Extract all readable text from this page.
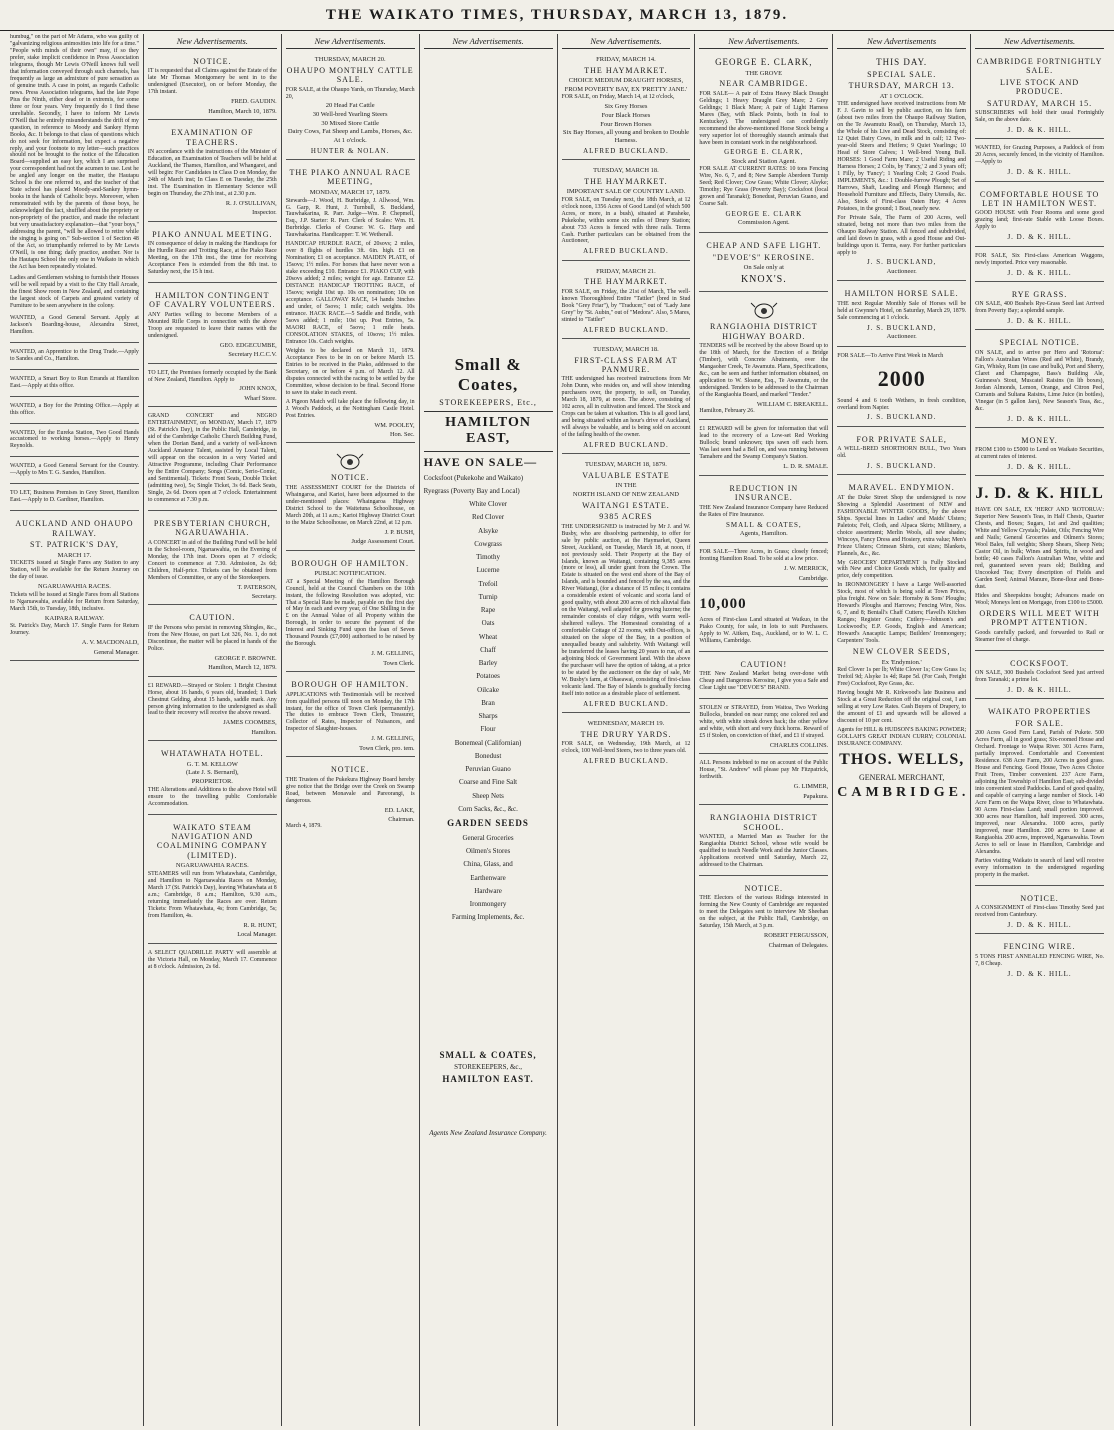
THE WAIKATO TIMES, THURSDAY, MARCH 13, 1879.

humbug," on the part of Mr Adams, who was guilty of "galvanizing religious animosities into life for a time." "People with minds of their own" may, if so they prefer, stake implicit confidence in Press Association telegrams, though Mr Lewis O'Neill knows full well that information conveyed through such channels, has frequently as large an admixture of pure sensation as of genuine truth. A case in point, as regards Catholic news. Press Association telegrams, had the late Pope Pius the Ninth, either dead or in extremis, for some three or four years. Very frequently do I find these unreliable. Secondly, I have to inform Mr Lewis O'Neill that he entirely misunderstands the drift of my question, in reference to Moody and Sankey Hymn Books, &c. It belongs to that class of questions which do not seek for information, but expect a negative reply, and your footnote to my letter—such practices should not be brought to the notice of the Education Board—supplied an easy key, which I am surprised your correspondent had not the acumen to use. Lest he be angled any longer on the matter, the Hautapu School is the one referred to, and the teacher of that State school has placed Moody-and-Sankey hymn-books in the hands of Catholic boys. Moreover, when remonstrated with by the parents of those boys, he acknowledged the fact, shuffled about the propriety or non-propriety of the practice, and made the reluctant but very unsatisfactory explanation—that "your boys," addressing the parent, "will be allowed to retire while the singing is going on." Sub-section 1 of Section 48 of the Act, so triumphantly referred to by Mr Lewis O'Neill, is one thing; daily practice, another. Nor is the Hautapu School the only one in Waikato in which the Act has been repeatedly violated.

Ladies and Gentlemen wishing to furnish their Houses will be well repaid by a visit to the City Hall Arcade, the finest Show room in New Zealand, and containing the largest stock of Carpets and greatest variety of Furniture to be seen anywhere in the colony.

WANTED, a Good General Servant. Apply at Jackson's Boarding-house, Alexandra Street, Hamilton.

WANTED, an Apprentice to the Drug Trade.—Apply to Sandes and Co., Hamilton.

WANTED, a Smart Boy to Run Errands at Hamilton East.—Apply at this office.

WANTED, a Boy for the Printing Office.—Apply at this office.

WANTED, for the Eureka Station, Two Good Hands accustomed to working horses.—Apply to Henry Reynolds.

WANTED, a Good General Servant for the Country.—Apply to Mrs T. G. Sandes, Hamilton.

TO LET, Business Premises in Grey Street, Hamilton East.—Apply to D. Gardiner, Hamilton.

AUCKLAND AND OHAUPO RAILWAY.
ST. PATRICK'S DAY,
MARCH 17.

TICKETS issued at Single Fares any Station to any Station, will be available for the Return Journey on the day of issue.

NGARUAWAHIA RACES.

Tickets will be issued at Single Fares from all Stations to Ngaruawahia, available for Return from Saturday, March 15th, to Tuesday, 18th, inclusive.

KAIPARA RAILWAY.

St. Patrick's Day, March 17. Single Fares for Return Journey.

A. V. MACDONALD,
General Manager.
New Advertisements.
NOTICE.

IT is requested that all Claims against the Estate of the late Mr Thomas Montgomery be sent in to the undersigned (Executor), on or before Monday, the 17th instant.

FRED. GAUDIN.
Hamilton, March 10, 1879.
EXAMINATION OF TEACHERS.

IN accordance with the instructions of the Minister of Education, an Examination of Teachers will be held at Auckland, the Thames, Hamilton, and Whangarei, and will begin: For Candidates in Class D on Monday, the 24th of March inst; In Class E on Tuesday, the 25th inst. The Examination in Elementary Science will begin on Thursday, the 27th inst., at 2.30 p.m.

R. J. O'SULLIVAN,
Inspector.
PIAKO ANNUAL MEETING.

IN consequence of delay in making the Handicaps for the Hurdle Race and Trotting Race, at the Piako Race Meeting, on the 17th inst., the time for receiving Acceptance Fees is extended from the 8th inst. to Saturday next, the 15 h inst.

HAMILTON CONTINGENT OF CAVALRY VOLUNTEERS.

ANY Parties willing to become Members of a Mounted Rifle Corps in connection with the above Troop are requested to leave their names with the undersigned.

GEO. EDGECUMBE,
Secretary H.C.C.V.

TO LET, the Premises formerly occupied by the Bank of New Zealand, Hamilton. Apply to

JOHN KNOX,
Wharf Store.

GRAND CONCERT and NEGRO ENTERTAINMENT, on MONDAY, March 17, 1879 (St. Patrick's Day), in the Public Hall, Cambridge, in aid of the Cambridge Catholic Church Building Fund, when the Dorian Band, and a variety of well-known Auckland Amateur Talent, assisted by Local Talent, will appear on the occasion in a very Varied and Attractive Programme, including Chair Performance by the Entire Company; Songs (Comic, Serio-Comic, and Sentimental). Tickets: Front Seats, Double Ticket (admitting two), 5s; Single Ticket, 3s 6d. Back Seats, Single, 2s 6d. Doors open at 7 o'clock. Entertainment to commence at 7.30 p.m.

PRESBYTERIAN CHURCH, NGARUAWAHIA.

A CONCERT in aid of the Building Fund will be held in the School-room, Ngaruawahia, on the Evening of Monday, the 17th inst. Doors open at 7 o'clock; Concert to commence at 7.30. Admission, 2s 6d; Children, Half-price. Tickets can be obtained from Members of Committee, or any of the Storekeepers.

T. PATERSON,
Secretary.
CAUTION.

IF the Persons who persist in removing Shingles, &c., from the New House, on part Lot 326, No. 1, do not Discontinue, the matter will be placed in hands of the Police.

GEORGE F. BROWNE.
Hamilton, March 12, 1879.

£1 REWARD.—Strayed or Stolen: 1 Bright Chestnut Horse, about 16 hands, 6 years old, branded; 1 Dark Chestnut Gelding, about 15 hands, saddle mark. Any person giving information to the undersigned as shall lead to their recovery will receive the above reward.

JAMES COOMBES,
Hamilton.
WHATAWHATA HOTEL.
G. T. M. KELLOW
(Late J. S. Bernard),
PROPRIETOR.

THE Alterations and Additions to the above Hotel will ensure to the travelling public Comfortable Accommodation.

WAIKATO STEAM NAVIGATION AND COALMINING COMPANY (LIMITED).
NGARUAWAHIA RACES.

STEAMERS will run from Whatawhata, Cambridge, and Hamilton to Ngaruawahia Races on Monday, March 17 (St. Patrick's Day), leaving Whatawhata at 8 a.m.; Cambridge, 8 a.m.; Hamilton, 9.30 a.m., returning immediately the Races are over. Return Tickets: From Whatawhata, 4s; from Cambridge, 5s; from Hamilton, 4s.

R. R. HUNT,
Local Manager.

A SELECT QUADRILLE PARTY will assemble at the Victoria Hall, on Monday, March 17. Commence at 8 o'clock. Admission, 2s 6d.

New Advertisements.
THURSDAY, MARCH 20.
OHAUPO MONTHLY CATTLE SALE.

FOR SALE, at the Ohaupo Yards, on Thursday, March 20,

20 Head Fat Cattle
30 Well-bred Yearling Steers
30 Mixed Store Cattle
Dairy Cows, Fat Sheep and Lambs, Horses, &c.
At 1 o'clock.
HUNTER & NOLAN.
THE PIAKO ANNUAL RACE MEETING,
MONDAY, MARCH 17, 1879.

Stewards—J. Wood, H. Burbridge, J. Allwood, Wm. G. Garp, R. Hunt, J. Turnbull, S. Buckland, Tauwhakarina, R. Parr. Judge—Wm. P. Chepmell, Esq., J.P. Starter: R. Parr. Clerk of Scales: Wm. H. Burbridge. Clerks of Course: W. G. Harp and Tauwhakarina. Handicapper: T. W. Wetherall.

HANDICAP HURDLE RACE, of 20sovs; 2 miles, over 8 flights of hurdles 3ft. 6in. high. £1 on Nomination; £1 on acceptance. MAIDEN PLATE, of 15sovs; 1½ miles. For horses that have never won a stake exceeding £10. Entrance £1. PIAKO CUP, with 20sovs added; 2 miles; weight for age. Entrance £2. DISTANCE HANDICAP TROTTING RACE, of 15sovs; weight 10st up. 10s on nomination; 10s on acceptance. GALLOWAY RACE, 14 hands 3inches and under, of 5sovs; 1 mile; catch weights. 10s entrance. HACK RACE.—5 Saddle and Bridle, with 5sovs added; 1 mile; 10st up. Post Entries, 5s. MAORI RACE, of 5sovs; 1 mile heats. CONSOLATION STAKES, of 10sovs; 1½ miles. Entrance 10s. Catch weights.

Weights to be declared on March 11, 1879. Acceptance Fees to be in on or before March 15. Entries to be received in the Piako, addressed to the Secretary, on or before 4 p.m. of March 12. All disputes connected with the racing to be settled by the Committee, whose decision to be final. Second Horse to save its stake in each event.

A Pigeon Match will take place the following day, in J. Wood's Paddock, at the Nottingham Castle Hotel. Post Entries.

WM. POOLEY,
Hon. Sec.
NOTICE.

THE ASSESSMENT COURT for the Districts of Whaingaroa, and Karioi, have been adjourned to the under-mentioned places: Whaingaroa Highway District School to the Waitetuna Schoolhouse, on March 20th, at 11 a.m.; Karioi Highway District Court to the Maize Schoolhouse, on March 22nd, at 12 p.m.

J. P. BUSH,
Judge Assessment Court.
BOROUGH OF HAMILTON.
PUBLIC NOTIFICATION.

AT a Special Meeting of the Hamilton Borough Council, held at the Council Chambers on the 10th instant, the following Resolution was adopted, viz: That a Special Rate be made, payable on the first day of May in each and every year, of One Shilling in the £ on the Annual Value of all Property within the Borough, in order to secure the payment of the Interest and Sinking Fund upon the loan of Seven Thousand Pounds (£7,000) authorised to be raised by the Borough.

J. M. GELLING,
Town Clerk.
BOROUGH OF HAMILTON.

APPLICATIONS with Testimonials will be received from qualified persons till noon on Monday, the 17th instant, for the office of Town Clerk (permanently). The duties to embrace Town Clerk, Treasurer, Collector of Rates, Inspector of Nuisances, and Inspector of Slaughter-houses.

J. M. GELLING,
Town Clerk, pro. tem.
NOTICE.

THE Trustees of the Pukekura Highway Board hereby give notice that the Bridge over the Creek on Swamp Road, between Monavale and Pareorangi, is dangerous.

ED. LAKE,
Chairman.
March 4, 1879.
New Advertisements.
Small & Coates,
STOREKEEPERS, Etc.,
HAMILTON EAST,
HAVE ON SALE—
Cocksfoot (Pukekohe and Waikato)
Ryegrass (Poverty Bay and Local)
White Clover
Red Clover
Alsyke
Cowgrass
Timothy
Lucerne
Trefoil
Turnip
Rape
Oats
Wheat
Chaff
Barley
Potatoes
Oilcake
Bran
Sharps
Flour
Bonemeal (Californian)
Bonedust
Peruvian Guano
Coarse and Fine Salt
Sheep Nets
Corn Sacks, &c., &c.
GARDEN SEEDS
General Groceries
Oilmen's Stores
China, Glass, and
Earthenware
Hardware
Ironmongery
Farming Implements, &c.
SMALL & COATES,
STOREKEEPERS, &c.,
HAMILTON EAST.
Agents New Zealand Insurance Company.
New Advertisements.
FRIDAY, MARCH 14.
THE HAYMARKET.
CHOICE MEDIUM DRAUGHT HORSES,
FROM POVERTY BAY, EX 'PRETTY JANE.'

FOR SALE, on Friday, March 14, at 12 o'clock,

Six Grey Horses
Four Black Horses
Four Brown Horses
Six Bay Horses, all young and broken to Double Harness.
ALFRED BUCKLAND.
TUESDAY, MARCH 18.
THE HAYMARKET.
IMPORTANT SALE OF COUNTRY LAND.

FOR SALE, on Tuesday next, the 18th March, at 12 o'clock noon, 1356 Acres of Good Land (of which 500 Acres, or more, in a bush), situated at Paraheke, Pukekohe, within some six miles of Drury Station; about 733 Acres is fenced with three rails. Terms Cash. Further particulars can be obtained from the Auctioneer,

ALFRED BUCKLAND.
FRIDAY, MARCH 21.
THE HAYMARKET.

FOR SALE, on Friday, the 21st of March, The well-known Thoroughbred Entire "Tattler" (bred in Stud Book "Grey Friar"), by "Traducer," out of "Lady Jane Grey" by "St. Aubin," out of "Medora". Also, 5 Mares, stinted to "Tattler"

ALFRED BUCKLAND.
TUESDAY, MARCH 18.
FIRST-CLASS FARM AT PANMURE.

THE undersigned has received instructions from Mr John Dunn, who resides on, and will show intending purchasers over, the property, to sell, on Tuesday, March 18, 1879, at noon. The above, consisting of 102 acres, all in cultivation and fenced. The Stock and Crops can be taken at valuation. This is all good land, and being situated within an hour's drive of Auckland, will always be valuable, and is being sold on account of the failing health of the owner.

ALFRED BUCKLAND.
TUESDAY, MARCH 18, 1879.
VALUABLE ESTATE
IN THE
NORTH ISLAND OF NEW ZEALAND
WAITANGI ESTATE.
9385 ACRES

THE UNDERSIGNED is instructed by Mr J. and W. Busby, who are dissolving partnership, to offer for sale by public auction, at the Haymarket, Queen Street, Auckland, on Tuesday, March 18, at noon, if not previously sold. Their Property at the Bay of Islands, known as Waitangi, containing 9,385 acres (more or less), all under grant from the Crown. The Estate is situated on the west end shore of the Bay of Islands, and is bounded and fenced by the sea, and the River Waitangi, (for a distance of 15 miles; it contains a considerable extent of volcanic and scoria land of good quality, with about 200 acres of rich alluvial flats on the Waitangi, well adapted for growing luzerne; the remainder consists of clay ridges, with warm well-sheltered valleys. The Homestead consisting of a comfortable Cottage of 22 rooms, with Out-offices, is situated on the slope of the Bay, in a position of unequalled beauty and salubrity. With Waitangi will be transferred the leases having 20 years to run, of an adjoining block of Government land. With the above the purchaser will have the option of taking, at a price to be stated by the auctioneer on the day of sale, Mr W. Busby's farm, at Ohaeawai, consisting of first-class volcanic land. The Bay of Islands is gradually forcing itself into notice as a desirable place of settlement.

ALFRED BUCKLAND.
WEDNESDAY, MARCH 19.
THE DRURY YARDS.

FOR SALE, on Wednesday, 19th March, at 12 o'clock, 100 Well-bred Steers, two to three years old.

ALFRED BUCKLAND.
New Advertisements.
GEORGE E. CLARK,
THE GROVE
NEAR CAMBRIDGE.

FOR SALE— A pair of Extra Heavy Black Draught Geldings; 1 Heavy Draught Grey Mare; 2 Grey Geldings; 1 Black Mare; A pair of Light Harness Mares (Bay, with Black Points, both in foal to Kentuckey). The undersigned can confidently recommend the above-mentioned Horse Stock being a very superior lot of thoroughly staunch animals that have been in constant work in the neighbourhood.

GEORGE E. CLARK,
Stock and Station Agent.

FOR SALE AT CURRENT RATES: 10 tons Fencing Wire, No. 6, 7, and 8; New Sample Aberdeen Turnip Seed; Red Clover; Cow Grass; White Clover; Alsyke; Timothy; Rye Grass (Poverty Bay); Cocksfoot (local grown and Taranaki); Bonedust, Peruvian Guano, and Coarse Salt.

GEORGE E. CLARK
Commission Agent.
CHEAP AND SAFE LIGHT.
"DEVOE'S" KEROSINE.
On Sale only at
KNOX'S.
RANGIAOHIA DISTRICT HIGHWAY BOARD.

TENDERS will be received by the above Board up to the 18th of March, for the Erection of a Bridge (Timber), with Concrete Abutments, over the Mangaoher Creek, Te Awamutu. Plans, Specifications, &c., can be seen and further information obtained, on application to W. Sloane, Esq., Te Awamutu, or the undersigned. Tenders to be addressed to the Chairman of the Rangiaohia Board, and marked "Tender."

WILLIAM C. BREAKELL.
Hamilton, February 26.

£1 REWARD will be given for information that will lead to the recovery of a Low-set Red Working Bullock; brand unknown; tips sawn off each horn. Was last seen had a Bell on, and was running between Tamahere and the Swamp Company's Station.

L. D. R. SMALE.
REDUCTION IN INSURANCE.

THE New Zealand Insurance Company have Reduced the Rates of Fire Insurance.

SMALL & COATES,
Agents, Hamilton.

FOR SALE—Three Acres, in Grass; closely fenced; fronting Hamilton Road. To be sold at a low price.

J. W. MERRICK,
Cambridge.
10,000

Acres of First-class Land situated at Waikuo, in the Piako County, for sale, in lots to suit Purchasers. Apply to W. Aitken, Esq., Auckland, or to W. L. C. Williams, Cambridge.

CAUTION!

THE New Zealand Market being over-done with Cheap and Dangerous Kerosine, I give you a Safe and Clear Light use "DEVOE'S" BRAND.

STOLEN or STRAYED, from Waitoa, Two Working Bullocks, branded on near rump; one colored red and white, with white streak down back; the other yellow and white, with short and very thick horns. Reward of £5 if Stolen, on conviction of thief, and £1 if strayed.

CHARLES COLLINS.

ALL Persons indebted to me on account of the Public House, "St. Andrew" will please pay Mr Fitzpatrick, forthwith.

G. LIMMER,
Papakura.
RANGIAOHIA DISTRICT SCHOOL.

WANTED, a Married Man as Teacher for the Rangiaohia District School, whose wife would be qualified to teach Needle Work and the Junior Classes. Applications received until Saturday, March 22, addressed to the Chairman.

NOTICE.

THE Electors of the various Ridings interested in forming the New County of Cambridge are requested to meet the Delegates sent to interview Mr Sheehan on the subject, at the Public Hall, Cambridge, on Saturday, 15th March, at 3 p.m.

ROBERT FERGUSSON,
Chairman of Delegates.
New Advertisements
THIS DAY.
SPECIAL SALE.
THURSDAY, MARCH 13.
AT 1 O'CLOCK.

THE undersigned have received instructions from Mr F. J. Gavin to sell by public auction, on his farm (about two miles from the Ohaupo Railway Station, on the Te Awamutu Road), on Thursday, March 13, the Whole of his Live and Dead Stock, consisting of: 12 Quiet Dairy Cows, in milk and in calf; 12 Two-year-old Steers and Heifers; 9 Quiet Yearlings; 10 Head of Store Calves; 1 Well-bred Young Bull. HORSES: 1 Good Farm Mare; 2 Useful Riding and Harness Horses; 2 Colts, by 'Fancy,' 2 and 3 years off; 1 Filly, by 'Fancy'; 1 Yearling Colt; 2 Good Foals. IMPLEMENTS, &c.: 1 Double-furrow Plough; Set of Harrows, Shaft, Leading and Plough Harness; and Household Furniture and Effects, Dairy Utensils, &c. Also, Stock of First-class Oaten Hay; 4 Acres Potatoes, in the ground; 1 Boat, nearly new.

For Private Sale, The Farm of 200 Acres, well situated, being not more than two miles from the Ohaupo Railway Station. All fenced and subdivided, and laid down in grass, with a good House and Out-buildings upon it. Terms, easy. For further particulars apply to

J. S. BUCKLAND,
Auctioneer.
HAMILTON HORSE SALE.

THE next Regular Monthly Sale of Horses will be held at Gwynne's Hotel, on Saturday, March 29, 1879. Sale commencing at 1 o'clock.

J. S. BUCKLAND,
Auctioneer.

FOR SALE—To Arrive First Week in March

2000

Sound 4 and 6 tooth Wethers, in fresh condition, overland from Napier.

J. S. BUCKLAND.
FOR PRIVATE SALE,

A WELL-BRED SHORTHORN BULL, Two Years old.

J. S. BUCKLAND.
MARAVEL. ENDYMION.

AT the Duke Street Shop the undersigned is now Showing a Splendid Assortment of NEW and FASHIONABLE WINTER GOODS, by the above Ships. Special lines in Ladies' and Maids' Ulsters; Paletots; Felt, Cloth, and Alpaca Skirts; Millinery, a choice assortment; Merlin Wools, all new shades; Wincoys, Fancy Dress and Hosiery, extra value; Men's Frieze Ulsters; Crimean Shirts, cut sizes; Blankets, Flannels, &c., &c.

My GROCERY DEPARTMENT is Fully Stocked with New and Choice Goods which, for quality and price, defy competition.

In IRONMONGERY I have a Large Well-assorted Stock, most of which is being sold at Town Prices, plus freight. Now on Sale: Hornsby & Sons' Ploughs; Howard's Ploughs and Harrows; Fencing Wire, Nos. 6, 7, and 8; Bentall's Chaff Cutters; Flavell's Kitchen Ranges; Register Grates; Cutlery—Johnson's and Lockwood's; E.P. Goods, English and American; Howard's Anacaptic Lamps; Builders' Ironmongery; Carpenters' Tools.

NEW CLOVER SEEDS,
Ex 'Endymion.'

Red Clover 1s per lb; White Clover 1s; Cow Grass 1s; Trefoil 9d; Alsyke 1s 4d; Rape 5d. (For Cash, Freight Free) Cocksfoot, Rye Grass, &c.

Having bought Mr R. Kirkwood's late Business and Stock at a Great Reduction off the original cost, I am selling at very Low Rates. Cash Buyers of Drapery, to the amount of £1 and upwards will be allowed a discount of 10 per cent.

Agents for HILL & HUDSON'S BAKING POWDER; GOLLAH'S GREAT INDIAN CURRY; COLONIAL INSURANCE COMPANY.

THOS. WELLS,
GENERAL MERCHANT,
CAMBRIDGE.
New Advertisements.
CAMBRIDGE FORTNIGHTLY SALE.
LIVE STOCK AND PRODUCE.
SATURDAY, MARCH 15.

SUBSCRIBERS will hold their usual Fortnightly Sale, on the above date.

J. D. & K. HILL.

WANTED, for Grazing Purposes, a Paddock of from 20 Acres, securely fenced, in the vicinity of Hamilton.—Apply to

J. D. & K. HILL.
COMFORTABLE HOUSE TO LET IN HAMILTON WEST.

GOOD HOUSE with Four Rooms and some good grazing land; first-rate Stable with Loose Boxes. Apply to

J. D. & K. HILL.

FOR SALE, Six First-class American Waggons, newly imported. Price very reasonable.

J. D. & K. HILL.
RYE GRASS.

ON SALE, 400 Bushels Rye-Grass Seed last Arrived from Poverty Bay; a splendid sample.

J. D. & K. HILL.
SPECIAL NOTICE.

ON SALE, and to arrive per Hero and 'Rotorua': Fallon's Australian Wines (Red and White), Brandy, Gin, Whisky, Rum (in case and bulk), Port and Sherry, Claret and Champagne, Bass's Building Ale, Guinness's Stout, Muscatel Raisins (in lib boxes), Jordan Almonds, Lemon, Orange, and Citron Peel, Currants and Sultana Raisins, Lime Juice (in bottles), Vinegar (in 5 gallon Jars), New Season's Teas, &c., &c.

J. D. & K. HILL.
MONEY.

FROM £100 to £5000 to Lend on Waikato Securities, at current rates of interest.

J. D. & K. HILL.
J. D. & K. HILL

HAVE ON SALE, EX 'HERO' AND 'ROTORUA': Superior New Season's Teas, in Half Chests, Quarter Chests, and Boxes; Sugars, 1st and 2nd qualities; White and Yellow Crystals; Palate, Oils; Fencing Wire and Nails; General Groceries and Oilmen's Stores; Wool Bales, full weights; Sheep Shears, Sheep Nets; Castor Oil, in bulk; Wines and Spirits, in wood and bottle; 40 cases Fallon's Australian Wine, white and red, guaranteed seven years old; Building and Uncooked Tea; Every description of Fields and Garden Seed; Animal Manure, Bone-flour and Bone-dust.

Hides and Sheepskins bought; Advances made on Wool; Moneys lent on Mortgage, from £100 to £5000.

ORDERS WILL MEET WITH PROMPT ATTENTION.

Goods carefully packed, and forwarded to Rail or Steamer free of charge.

COCKSFOOT.

ON SALE, 300 Bushels Cocksfoot Seed just arrived from Taranaki; a prime lot.

J. D. & K. HILL.
WAIKATO PROPERTIES
FOR SALE.

200 Acres Good Fern Land, Parish of Pukete. 500 Acres Farm, all in good grass; Six-roomed House and Orchard. Frontage to Waipa River. 301 Acres Farm, partially improved. Comfortable and Convenient Residence. 638 Acre Farm, 200 Acres in good grass. House and Fencing. Good House, Two Acres Choice Fruit Trees, Timber convenient. 237 Acre Farm, adjoining the Township of Hamilton East; sub-divided into convenient sized Paddocks. Land of good quality, and capable of carrying a large number of Stock. 140 Acre Farm on the Waipa River, close to Whatawhata. 90 Acres First-class Land; small portion improved. 300 acres near Hamilton, half improved. 300 acres, improved, near Alexandra. 1000 acres, partly improved, near Hamilton. 200 acres to Lease at Rangiaohia. 200 acres, improved, Ngaruawahia. Town Acres to sell or lease in Hamilton, Cambridge and Alexandra.

Parties visiting Waikato in search of land will receive every information in the undersigned regarding property in the market.

NOTICE.

A CONSIGNMENT of First-class Timothy Seed just received from Canterbury.

J. D. & K. HILL.
FENCING WIRE.

5 TONS FIRST ANNEALED FENCING WIRE, No. 7, 8 Cheap.

J. D. & K. HILL.
